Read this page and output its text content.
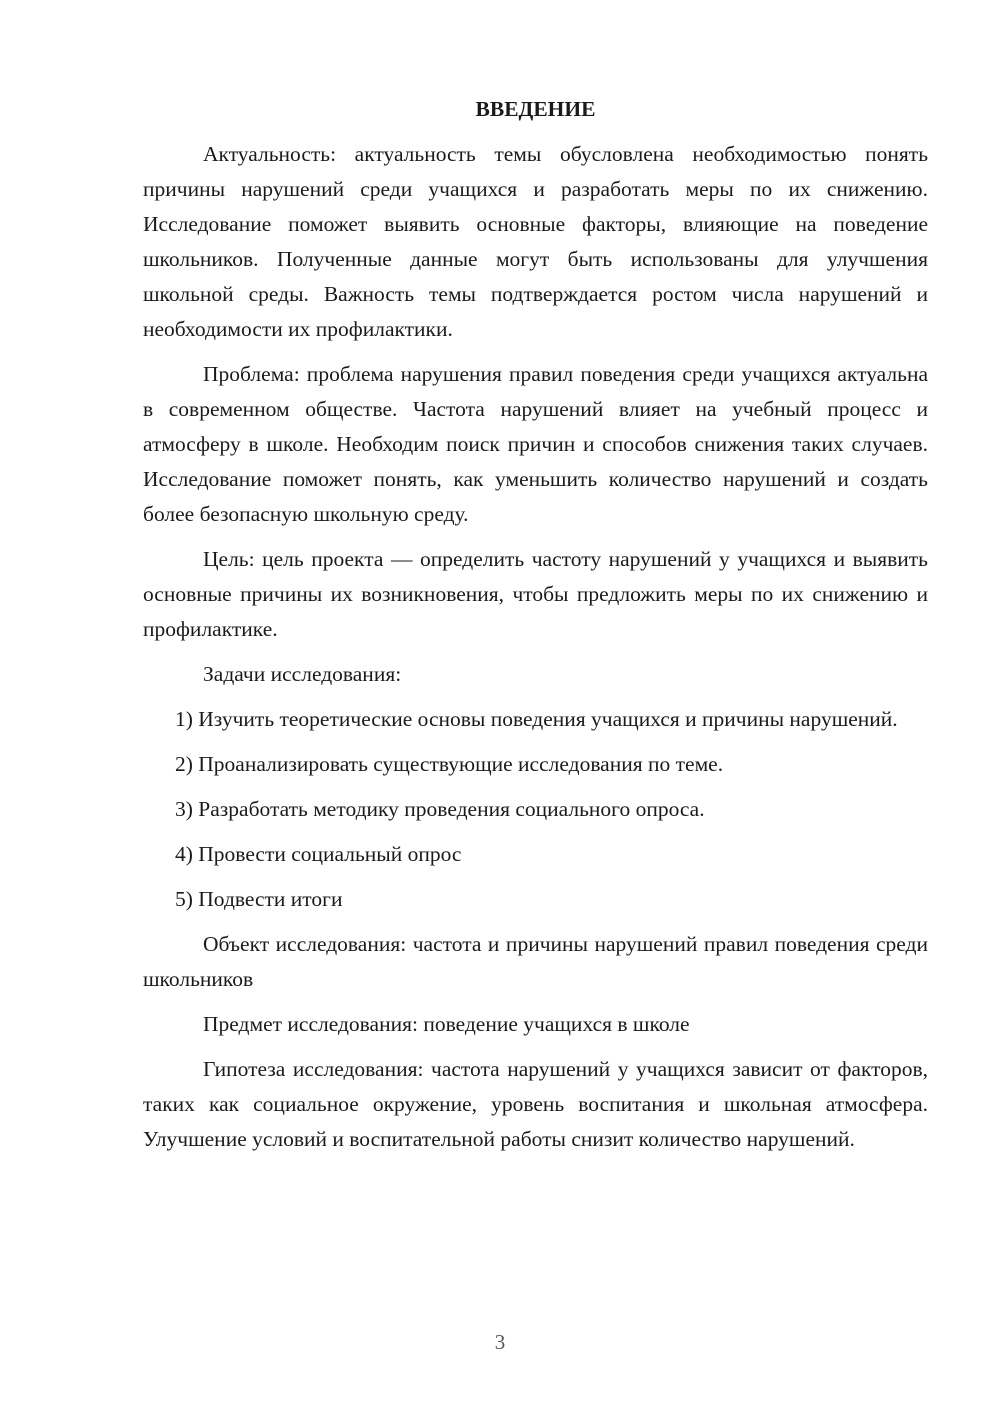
ВВЕДЕНИЕ

Актуальность: актуальность темы обусловлена необходимостью понять причины нарушений среди учащихся и разработать меры по их снижению. Исследование поможет выявить основные факторы, влияющие на поведение школьников. Полученные данные могут быть использованы для улучшения школьной среды. Важность темы подтверждается ростом числа нарушений и необходимости их профилактики.

Проблема: проблема нарушения правил поведения среди учащихся актуальна в современном обществе. Частота нарушений влияет на учебный процесс и атмосферу в школе. Необходим поиск причин и способов снижения таких случаев. Исследование поможет понять, как уменьшить количество нарушений и создать более безопасную школьную среду.

Цель: цель проекта — определить частоту нарушений у учащихся и выявить основные причины их возникновения, чтобы предложить меры по их снижению и профилактике.

Задачи исследования:

1) Изучить теоретические основы поведения учащихся и причины нарушений.

2) Проанализировать существующие исследования по теме.

3) Разработать методику проведения социального опроса.

4) Провести социальный опрос

5) Подвести итоги

Объект исследования: частота и причины нарушений правил поведения среди школьников

Предмет исследования: поведение учащихся в школе

Гипотеза исследования: частота нарушений у учащихся зависит от факторов, таких как социальное окружение, уровень воспитания и школьная атмосфера. Улучшение условий и воспитательной работы снизит количество нарушений.

3
